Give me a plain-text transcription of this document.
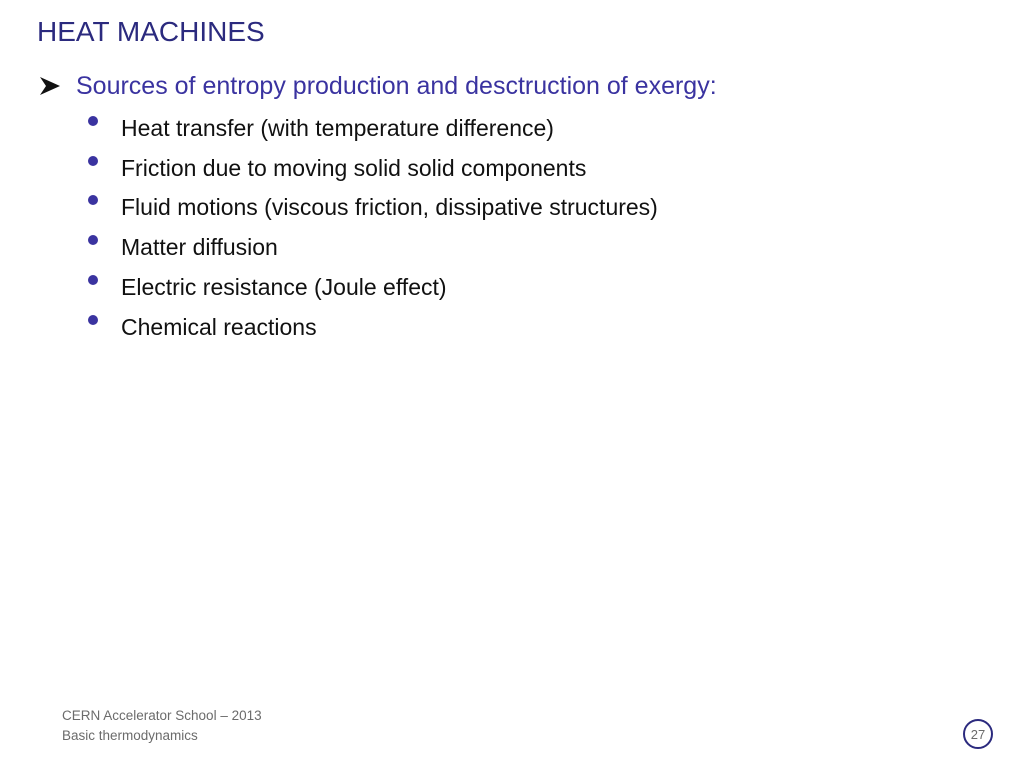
HEAT MACHINES
Sources of entropy production and desctruction of exergy:
Heat transfer (with temperature difference)
Friction due to moving solid solid components
Fluid motions (viscous friction, dissipative structures)
Matter diffusion
Electric resistance (Joule effect)
Chemical reactions
CERN Accelerator School – 2013
Basic thermodynamics	27
